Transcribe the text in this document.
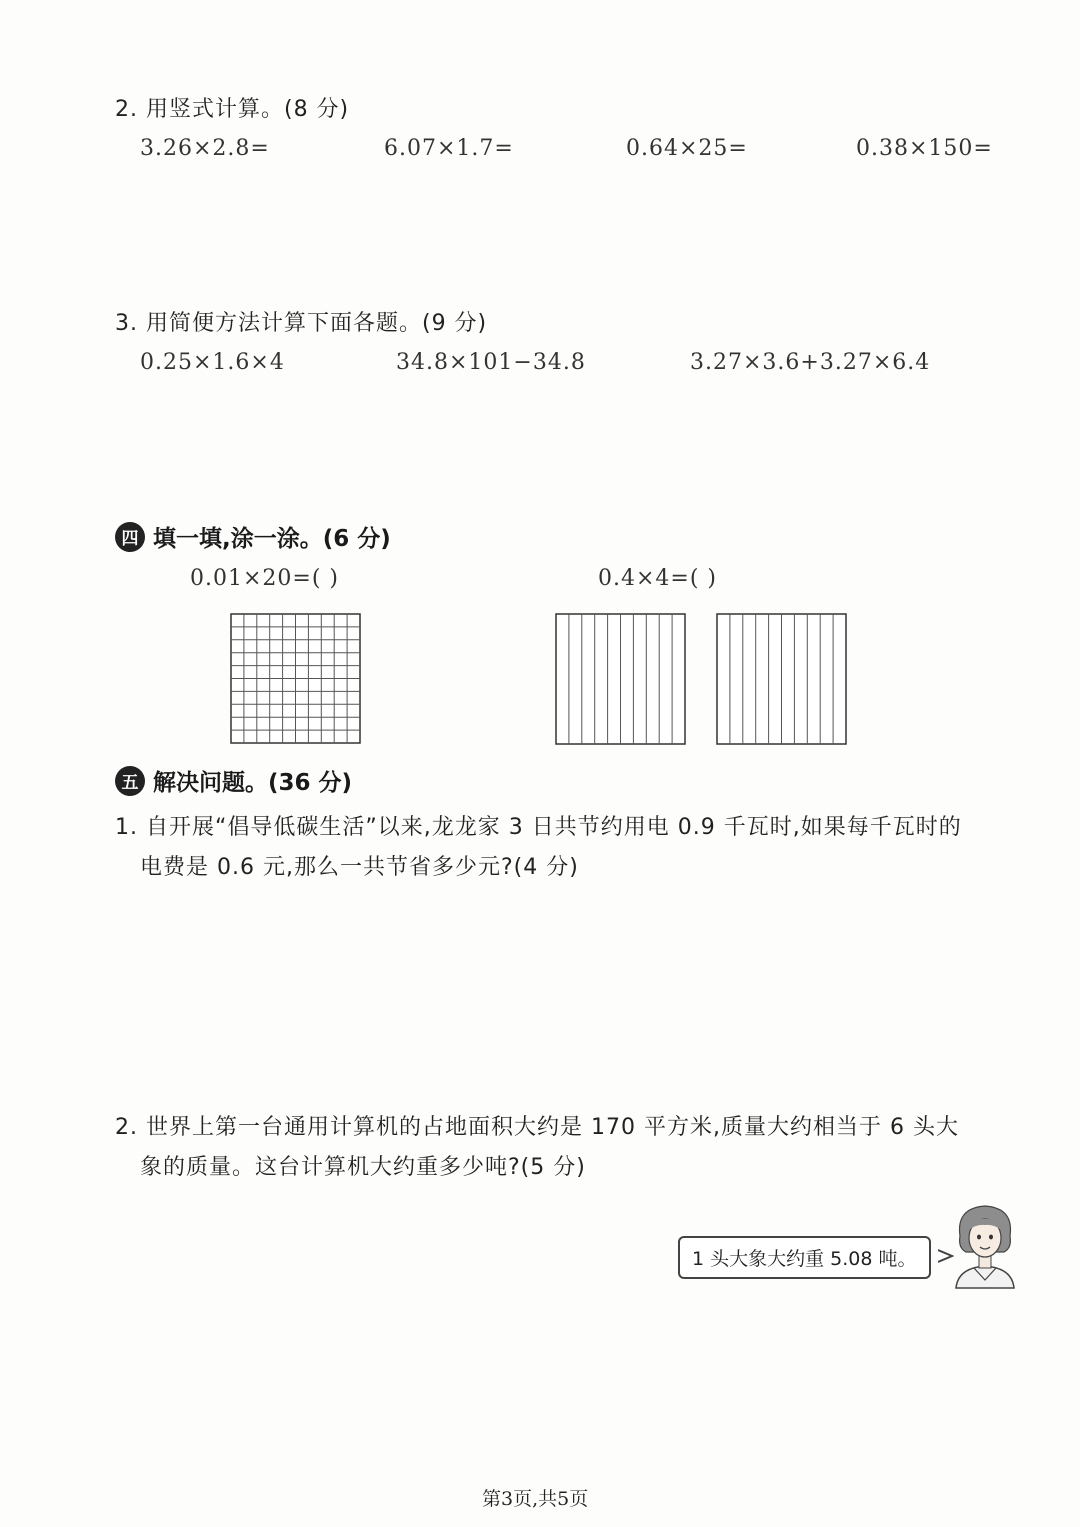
2. 用竖式计算。(8 分)
3.26×2.8=	6.07×1.7=	0.64×25=	0.38×150=
3. 用简便方法计算下面各题。(9 分)
0.25×1.6×4	34.8×101−34.8	3.27×3.6+3.27×6.4
四 填一填,涂一涂。(6 分)
0.01×20=( )	0.4×4=( )
五 解决问题。(36 分)
1. 自开展“倡导低碳生活”以来,龙龙家 3 日共节约用电 0.9 千瓦时,如果每千瓦时的
电费是 0.6 元,那么一共节省多少元?(4 分)
2. 世界上第一台通用计算机的占地面积大约是 170 平方米,质量大约相当于 6 头大
象的质量。这台计算机大约重多少吨?(5 分)
1 头大象大约重 5.08 吨。
第3页,共5页
